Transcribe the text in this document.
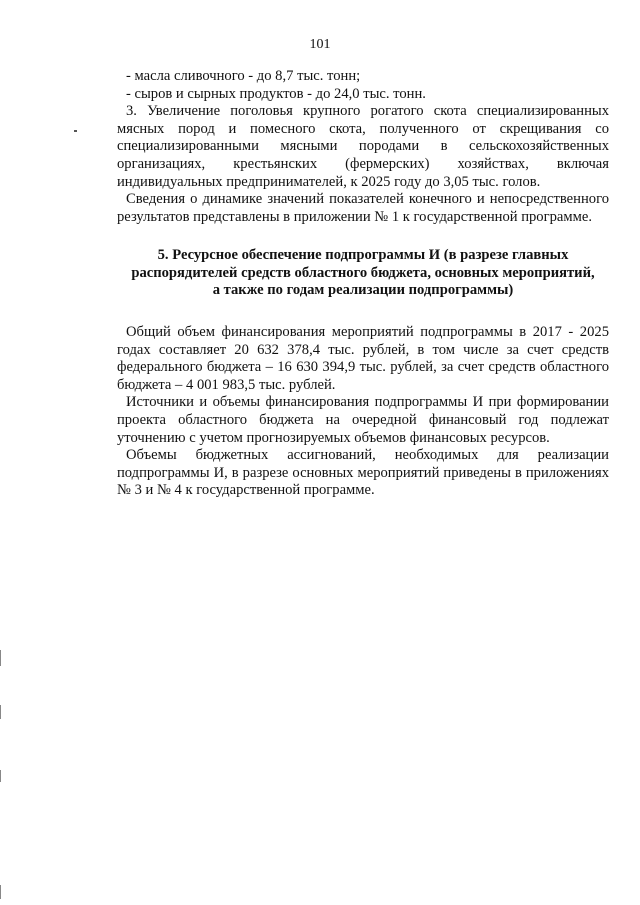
101

- масла сливочного - до 8,7 тыс. тонн;

- сыров и сырных продуктов - до 24,0 тыс. тонн.

3. Увеличение поголовья крупного рогатого скота специализированных мясных пород и помесного скота, полученного от скрещивания со специализированными мясными породами в сельскохозяйственных организациях, крестьянских (фермерских) хозяйствах, включая индивидуальных предпринимателей, к 2025 году до 3,05 тыс. голов.

Сведения о динамике значений показателей конечного и непосредственного результатов представлены в приложении № 1 к государственной программе.

5. Ресурсное обеспечение подпрограммы И (в разрезе главных
распорядителей средств областного бюджета, основных мероприятий,
а также по годам реализации подпрограммы)

Общий объем финансирования мероприятий подпрограммы в 2017 - 2025 годах составляет 20 632 378,4 тыс. рублей, в том числе за счет средств федерального бюджета – 16 630 394,9 тыс. рублей, за счет средств областного бюджета – 4 001 983,5 тыс. рублей.

Источники и объемы финансирования подпрограммы И при формировании проекта областного бюджета на очередной финансовый год подлежат уточнению с учетом прогнозируемых объемов финансовых ресурсов.

Объемы бюджетных ассигнований, необходимых для реализации подпрограммы И, в разрезе основных мероприятий приведены в приложениях № 3 и № 4 к государственной программе.
